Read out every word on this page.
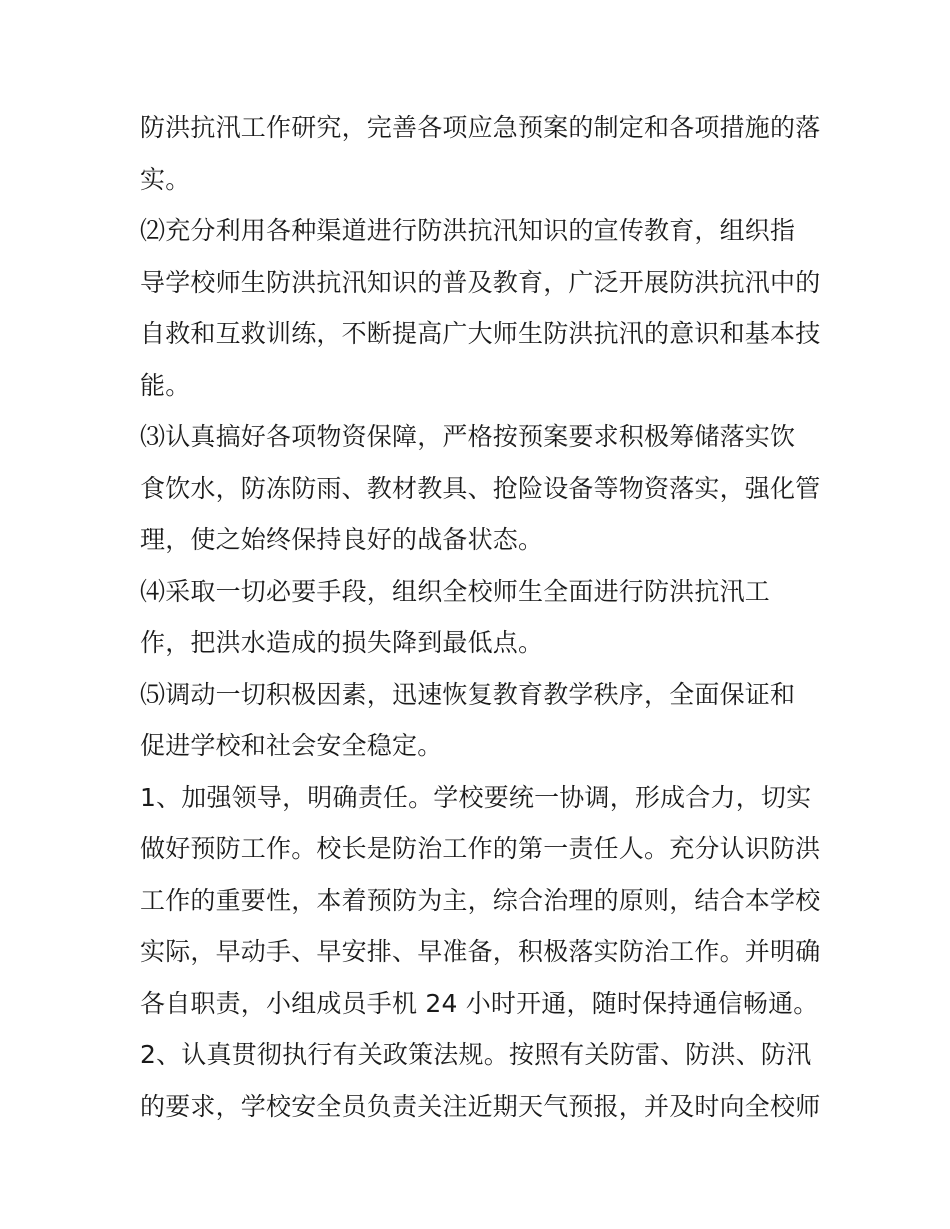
防洪抗汛工作研究，完善各项应急预案的制定和各项措施的落
实。
⑵充分利用各种渠道进行防洪抗汛知识的宣传教育，组织指
导学校师生防洪抗汛知识的普及教育，广泛开展防洪抗汛中的
自救和互救训练，不断提高广大师生防洪抗汛的意识和基本技
能。
⑶认真搞好各项物资保障，严格按预案要求积极筹储落实饮
食饮水，防冻防雨、教材教具、抢险设备等物资落实，强化管
理，使之始终保持良好的战备状态。
⑷采取一切必要手段，组织全校师生全面进行防洪抗汛工
作，把洪水造成的损失降到最低点。
⑸调动一切积极因素，迅速恢复教育教学秩序，全面保证和
促进学校和社会安全稳定。
1、加强领导，明确责任。学校要统一协调，形成合力，切实
做好预防工作。校长是防治工作的第一责任人。充分认识防洪
工作的重要性，本着预防为主，综合治理的原则，结合本学校
实际，早动手、早安排、早准备，积极落实防治工作。并明确
各自职责，小组成员手机 24 小时开通，随时保持通信畅通。
2、认真贯彻执行有关政策法规。按照有关防雷、防洪、防汛
的要求，学校安全员负责关注近期天气预报，并及时向全校师
